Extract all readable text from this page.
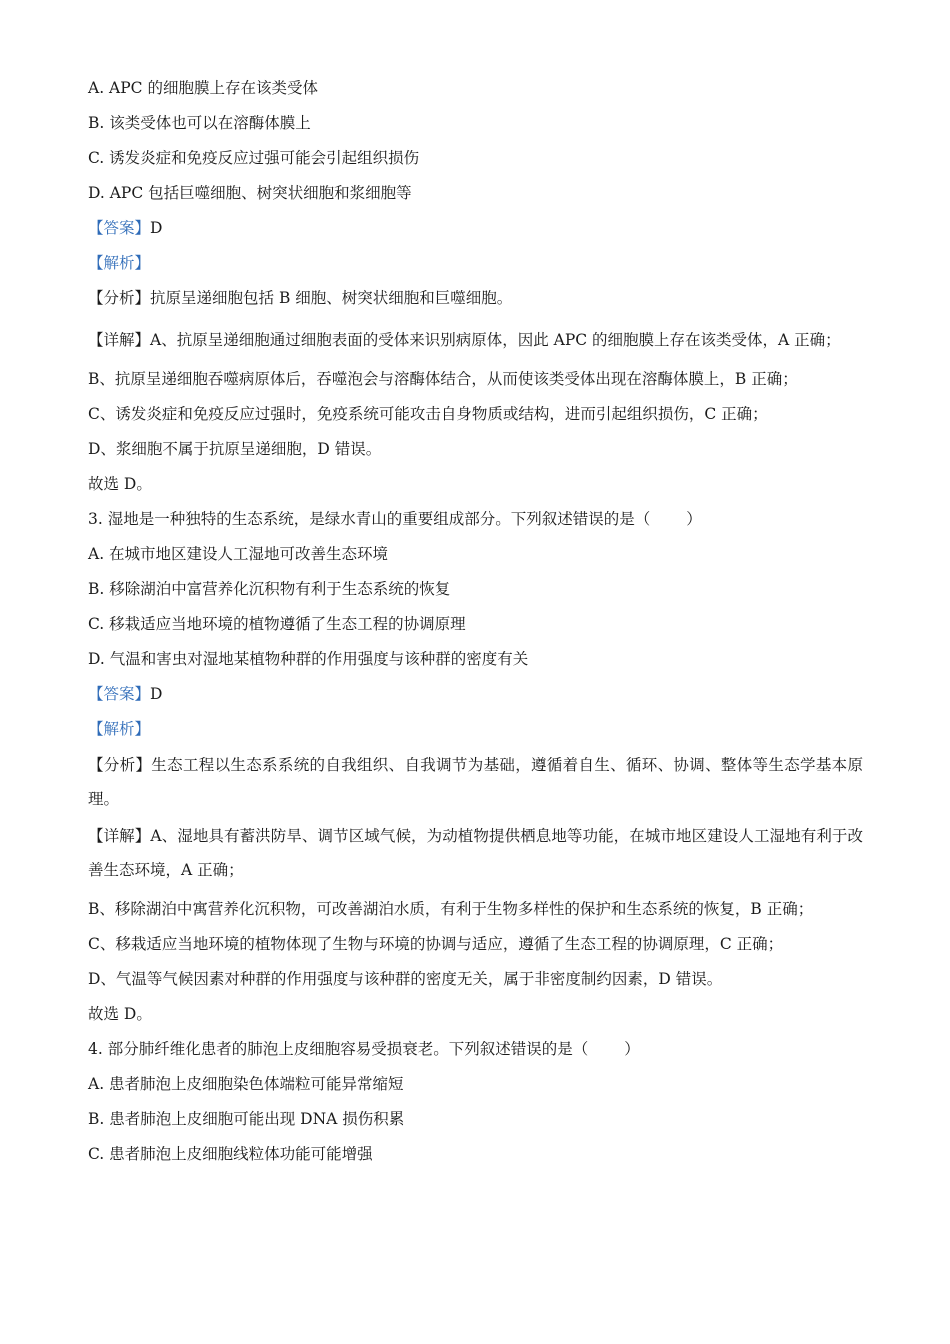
A. APC 的细胞膜上存在该类受体
B. 该类受体也可以在溶酶体膜上
C. 诱发炎症和免疫反应过强可能会引起组织损伤
D. APC 包括巨噬细胞、树突状细胞和浆细胞等
【答案】D
【解析】
【分析】抗原呈递细胞包括 B 细胞、树突状细胞和巨噬细胞。
【详解】A、抗原呈递细胞通过细胞表面的受体来识别病原体，因此 APC 的细胞膜上存在该类受体，A 正确；
B、抗原呈递细胞吞噬病原体后，吞噬泡会与溶酶体结合，从而使该类受体出现在溶酶体膜上，B 正确；
C、诱发炎症和免疫反应过强时，免疫系统可能攻击自身物质或结构，进而引起组织损伤，C 正确；
D、浆细胞不属于抗原呈递细胞，D 错误。
故选 D。
3. 湿地是一种独特的生态系统，是绿水青山的重要组成部分。下列叙述错误的是（ ）
A. 在城市地区建设人工湿地可改善生态环境
B. 移除湖泊中富营养化沉积物有利于生态系统的恢复
C. 移栽适应当地环境的植物遵循了生态工程的协调原理
D. 气温和害虫对湿地某植物种群的作用强度与该种群的密度有关
【答案】D
【解析】
【分析】生态工程以生态系系统的自我组织、自我调节为基础，遵循着自生、循环、协调、整体等生态学基本原理。
【详解】A、湿地具有蓄洪防旱、调节区域气候，为动植物提供栖息地等功能，在城市地区建设人工湿地有利于改善生态环境，A 正确；
B、移除湖泊中寓营养化沉积物，可改善湖泊水质，有利于生物多样性的保护和生态系统的恢复，B 正确；
C、移栽适应当地环境的植物体现了生物与环境的协调与适应，遵循了生态工程的协调原理，C 正确；
D、气温等气候因素对种群的作用强度与该种群的密度无关，属于非密度制约因素，D 错误。
故选 D。
4. 部分肺纤维化患者的肺泡上皮细胞容易受损衰老。下列叙述错误的是（ ）
A. 患者肺泡上皮细胞染色体端粒可能异常缩短
B. 患者肺泡上皮细胞可能出现 DNA 损伤积累
C. 患者肺泡上皮细胞线粒体功能可能增强
